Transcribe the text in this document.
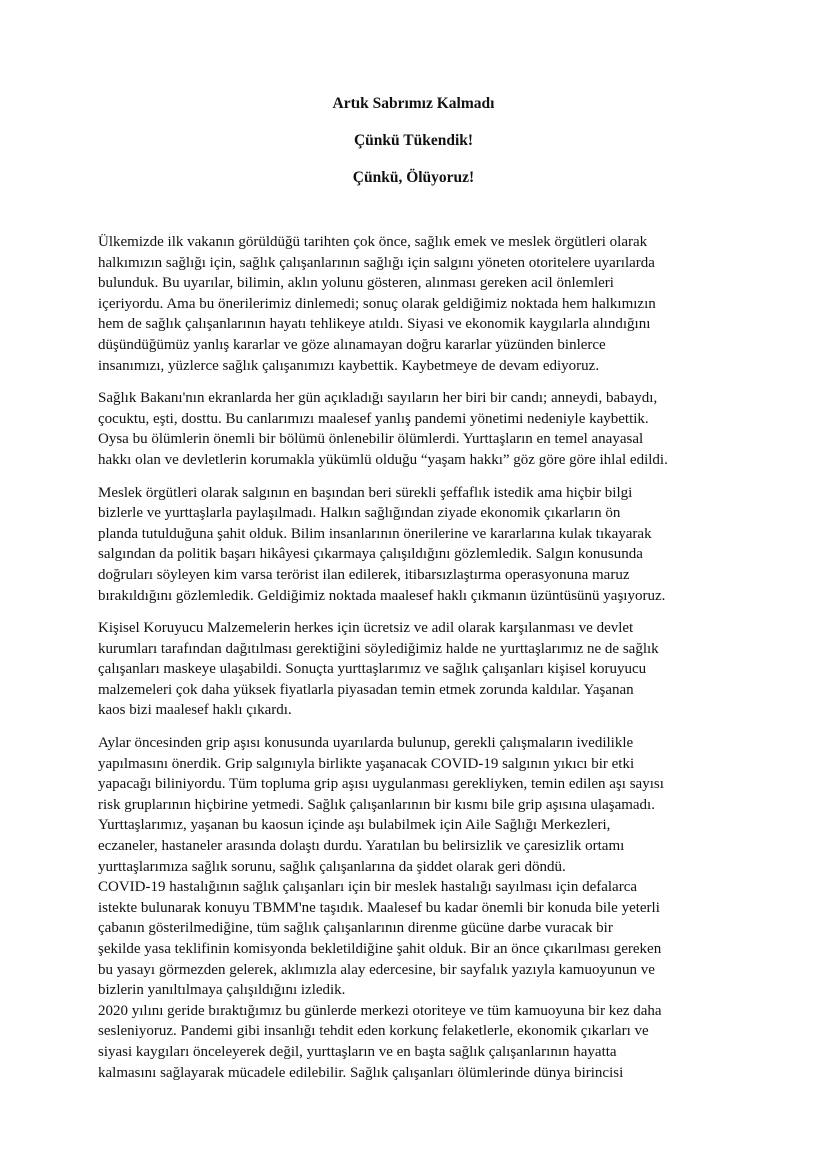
Artık Sabrımız Kalmadı
Çünkü Tükendik!
Çünkü, Ölüyoruz!

Ülkemizde ilk vakanın görüldüğü tarihten çok önce, sağlık emek ve meslek örgütleri olarak
halkımızın sağlığı için, sağlık çalışanlarının sağlığı için salgını yöneten otoritelere uyarılarda
bulunduk. Bu uyarılar, bilimin, aklın yolunu gösteren, alınması gereken acil önlemleri
içeriyordu. Ama bu önerilerimiz dinlemedi; sonuç olarak geldiğimiz noktada hem halkımızın
hem de sağlık çalışanlarının hayatı tehlikeye atıldı. Siyasi ve ekonomik kaygılarla alındığını
düşündüğümüz yanlış kararlar ve göze alınamayan doğru kararlar yüzünden binlerce
insanımızı, yüzlerce sağlık çalışanımızı kaybettik. Kaybetmeye de devam ediyoruz.

Sağlık Bakanı'nın ekranlarda her gün açıkladığı sayıların her biri bir candı; anneydi, babaydı,
çocuktu, eşti, dosttu. Bu canlarımızı maalesef yanlış pandemi yönetimi nedeniyle kaybettik.
Oysa bu ölümlerin önemli bir bölümü önlenebilir ölümlerdi. Yurttaşların en temel anayasal
hakkı olan ve devletlerin korumakla yükümlü olduğu “yaşam hakkı” göz göre göre ihlal edildi.

Meslek örgütleri olarak salgının en başından beri sürekli şeffaflık istedik ama hiçbir bilgi
bizlerle ve yurttaşlarla paylaşılmadı. Halkın sağlığından ziyade ekonomik çıkarların ön
planda tutulduğuna şahit olduk. Bilim insanlarının önerilerine ve kararlarına kulak tıkayarak
salgından da politik başarı hikâyesi çıkarmaya çalışıldığını gözlemledik. Salgın konusunda
doğruları söyleyen kim varsa terörist ilan edilerek, itibarsızlaştırma operasyonuna maruz
bırakıldığını gözlemledik. Geldiğimiz noktada maalesef haklı çıkmanın üzüntüsünü yaşıyoruz.

Kişisel Koruyucu Malzemelerin herkes için ücretsiz ve adil olarak karşılanması ve devlet
kurumları tarafından dağıtılması gerektiğini söylediğimiz halde ne yurttaşlarımız ne de sağlık
çalışanları maskeye ulaşabildi. Sonuçta yurttaşlarımız ve sağlık çalışanları kişisel koruyucu
malzemeleri çok daha yüksek fiyatlarla piyasadan temin etmek zorunda kaldılar. Yaşanan
kaos bizi maalesef haklı çıkardı.

Aylar öncesinden grip aşısı konusunda uyarılarda bulunup, gerekli çalışmaların ivedilikle
yapılmasını önerdik. Grip salgınıyla birlikte yaşanacak COVID-19 salgının yıkıcı bir etki
yapacağı biliniyordu. Tüm topluma grip aşısı uygulanması gerekliyken, temin edilen aşı sayısı
risk gruplarının hiçbirine yetmedi. Sağlık çalışanlarının bir kısmı bile grip aşısına ulaşamadı.
Yurttaşlarımız, yaşanan bu kaosun içinde aşı bulabilmek için Aile Sağlığı Merkezleri,
eczaneler, hastaneler arasında dolaştı durdu. Yaratılan bu belirsizlik ve çaresizlik ortamı
yurttaşlarımıza sağlık sorunu, sağlık çalışanlarına da şiddet olarak geri döndü.
COVID-19 hastalığının sağlık çalışanları için bir meslek hastalığı sayılması için defalarca
istekte bulunarak konuyu TBMM'ne taşıdık. Maalesef bu kadar önemli bir konuda bile yeterli
çabanın gösterilmediğine, tüm sağlık çalışanlarının direnme gücüne darbe vuracak bir
şekilde yasa teklifinin komisyonda bekletildiğine şahit olduk. Bir an önce çıkarılması gereken
bu yasayı görmezden gelerek, aklımızla alay edercesine, bir sayfalık yazıyla kamuoyunun ve
bizlerin yanıltılmaya çalışıldığını izledik.
2020 yılını geride bıraktığımız bu günlerde merkezi otoriteye ve tüm kamuoyuna bir kez daha
sesleniyoruz. Pandemi gibi insanlığı tehdit eden korkunç felaketlerle, ekonomik çıkarları ve
siyasi kaygıları önceleyerek değil, yurttaşların ve en başta sağlık çalışanlarının hayatta
kalmasını sağlayarak mücadele edilebilir. Sağlık çalışanları ölümlerinde dünya birincisi
